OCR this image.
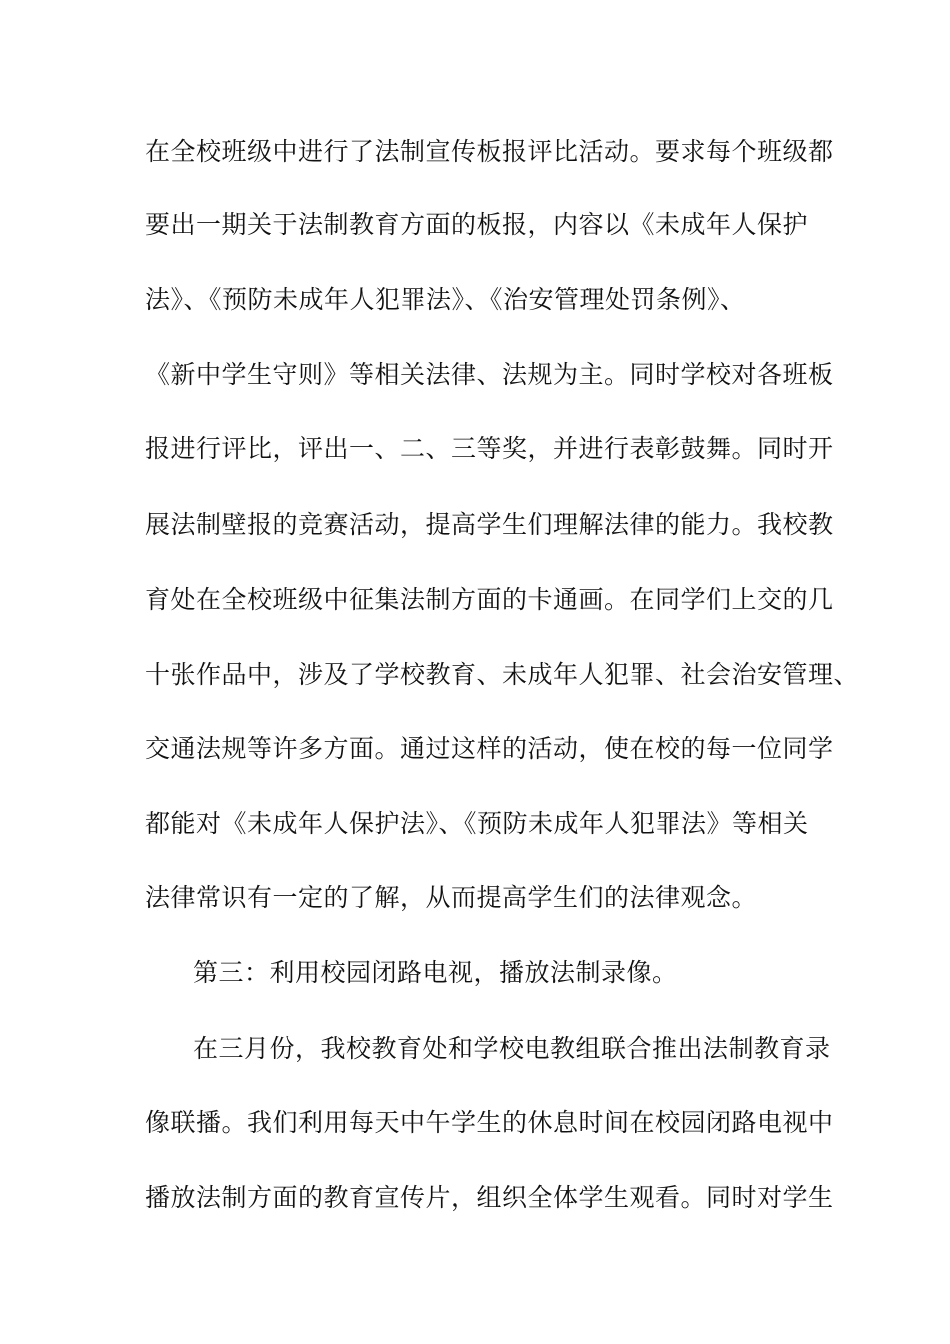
在全校班级中进行了法制宣传板报评比活动。要求每个班级都
要出一期关于法制教育方面的板报，内容以《未成年人保护
法》、《预防未成年人犯罪法》、《治安管理处罚条例》、
《新中学生守则》等相关法律、法规为主。同时学校对各班板
报进行评比，评出一、二、三等奖，并进行表彰鼓舞。同时开
展法制壁报的竞赛活动，提高学生们理解法律的能力。我校教
育处在全校班级中征集法制方面的卡通画。在同学们上交的几
十张作品中，涉及了学校教育、未成年人犯罪、社会治安管理、
交通法规等许多方面。通过这样的活动，使在校的每一位同学
都能对《未成年人保护法》、《预防未成年人犯罪法》等相关
法律常识有一定的了解，从而提高学生们的法律观念。
第三：利用校园闭路电视，播放法制录像。
在三月份，我校教育处和学校电教组联合推出法制教育录
像联播。我们利用每天中午学生的休息时间在校园闭路电视中
播放法制方面的教育宣传片，组织全体学生观看。同时对学生
